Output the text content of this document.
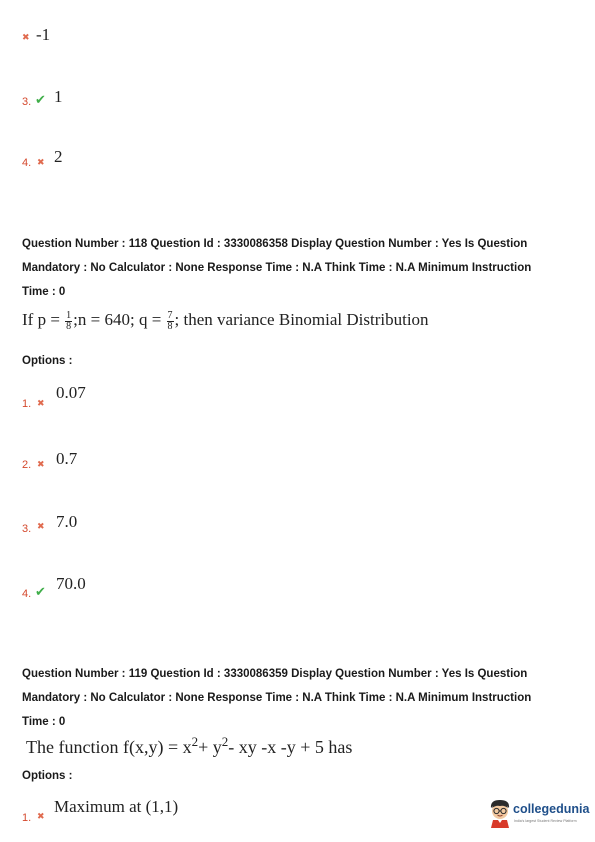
✖ -1
3. ✔ 1
4. ✖ 2
Question Number : 118 Question Id : 3330086358 Display Question Number : Yes Is Question
Mandatory : No Calculator : None Response Time : N.A Think Time : N.A Minimum Instruction
Time : 0
If $p = \frac{1}{8}$ ;n = 640; $q = \frac{7}{8}$ ; then variance Binomial Distribution
Options :
1. ✖
0.07
2. ✖ 0.7
3. ✖ 7.0
4. ✔ 70.0
Question Number : 119 Question Id : 3330086359 Display Question Number : Yes Is Question
Mandatory : No Calculator : None Response Time : N.A Think Time : N.A Minimum Instruction
Time : 0
The function $f(x,y) = x^2+ y^2-$ xy -x -y + 5 has
Options :
1. ✖
Maximum at (1,1)	collegedunia
India's largest Student Review Platform
